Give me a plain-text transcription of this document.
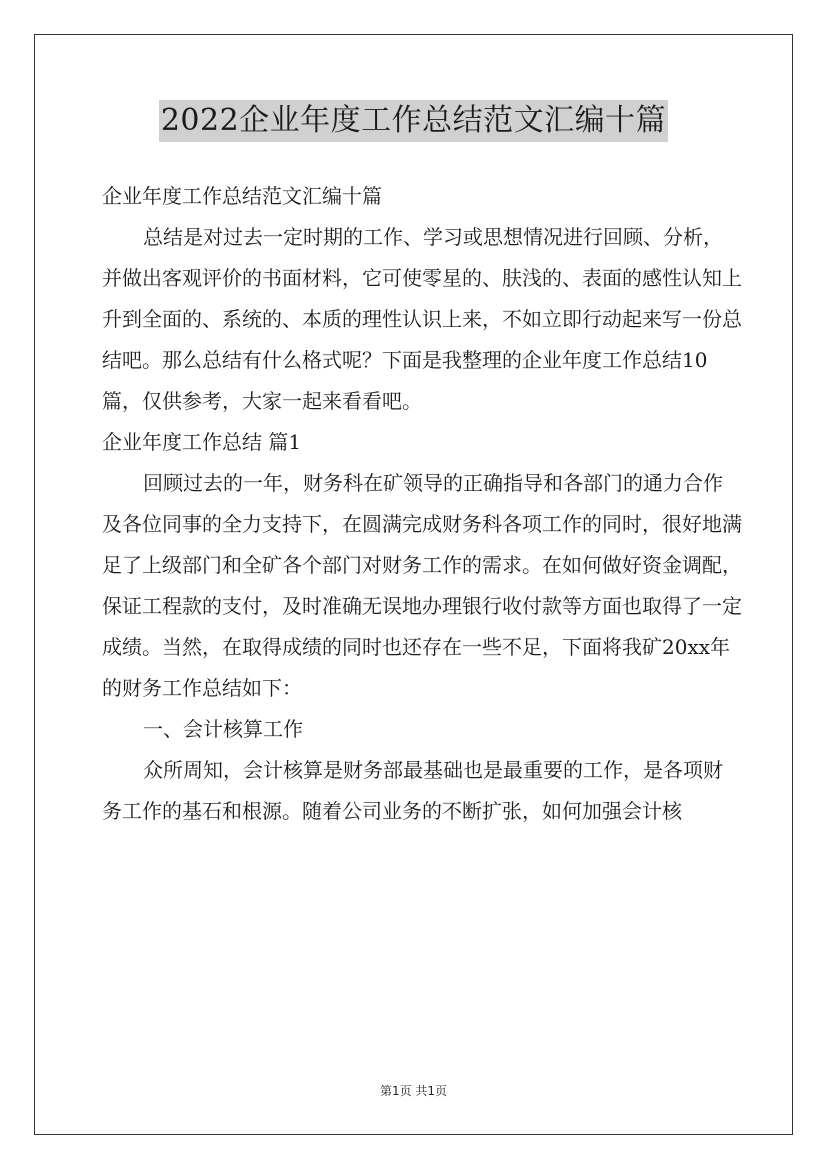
2022企业年度工作总结范文汇编十篇

企业年度工作总结范文汇编十篇

总结是对过去一定时期的工作、学习或思想情况进行回顾、分析，并做出客观评价的书面材料，它可使零星的、肤浅的、表面的感性认知上升到全面的、系统的、本质的理性认识上来，不如立即行动起来写一份总结吧。那么总结有什么格式呢？下面是我整理的企业年度工作总结10篇，仅供参考，大家一起来看看吧。

企业年度工作总结 篇1

回顾过去的一年，财务科在矿领导的正确指导和各部门的通力合作及各位同事的全力支持下，在圆满完成财务科各项工作的同时，很好地满足了上级部门和全矿各个部门对财务工作的需求。在如何做好资金调配，保证工程款的支付，及时准确无误地办理银行收付款等方面也取得了一定成绩。当然，在取得成绩的同时也还存在一些不足，下面将我矿20xx年的财务工作总结如下：

一、会计核算工作

众所周知，会计核算是财务部最基础也是最重要的工作，是各项财务工作的基石和根源。随着公司业务的不断扩张，如何加强会计核

第1页 共1页
